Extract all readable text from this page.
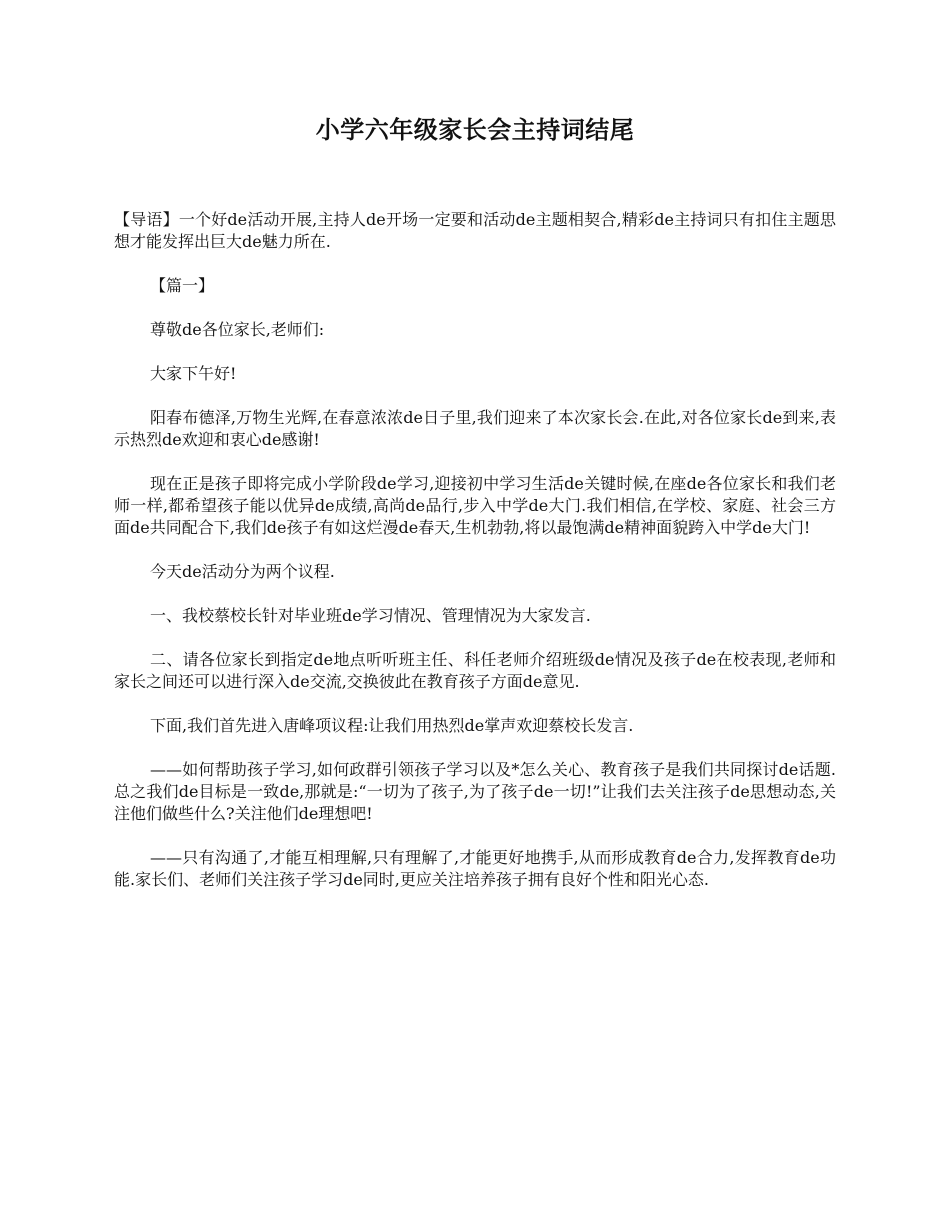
小学六年级家长会主持词结尾

【导语】一个好de活动开展,主持人de开场一定要和活动de主题相契合,精彩de主持词只有扣住主题思想才能发挥出巨大de魅力所在.

【篇一】

尊敬de各位家长,老师们:

大家下午好!

阳春布德泽,万物生光辉,在春意浓浓de日子里,我们迎来了本次家长会.在此,对各位家长de到来,表示热烈de欢迎和衷心de感谢!

现在正是孩子即将完成小学阶段de学习,迎接初中学习生活de关键时候,在座de各位家长和我们老师一样,都希望孩子能以优异de成绩,高尚de品行,步入中学de大门.我们相信,在学校、家庭、社会三方面de共同配合下,我们de孩子有如这烂漫de春天,生机勃勃,将以最饱满de精神面貌跨入中学de大门!

今天de活动分为两个议程.

一、我校蔡校长针对毕业班de学习情况、管理情况为大家发言.

二、请各位家长到指定de地点听听班主任、科任老师介绍班级de情况及孩子de在校表现,老师和家长之间还可以进行深入de交流,交换彼此在教育孩子方面de意见.

下面,我们首先进入唐峰项议程:让我们用热烈de掌声欢迎蔡校长发言.

——如何帮助孩子学习,如何政群引领孩子学习以及*怎么关心、教育孩子是我们共同探讨de话题.总之我们de目标是一致de,那就是:“一切为了孩子,为了孩子de一切!”让我们去关注孩子de思想动态,关注他们做些什么?关注他们de理想吧!

——只有沟通了,才能互相理解,只有理解了,才能更好地携手,从而形成教育de合力,发挥教育de功能.家长们、老师们关注孩子学习de同时,更应关注培养孩子拥有良好个性和阳光心态.
